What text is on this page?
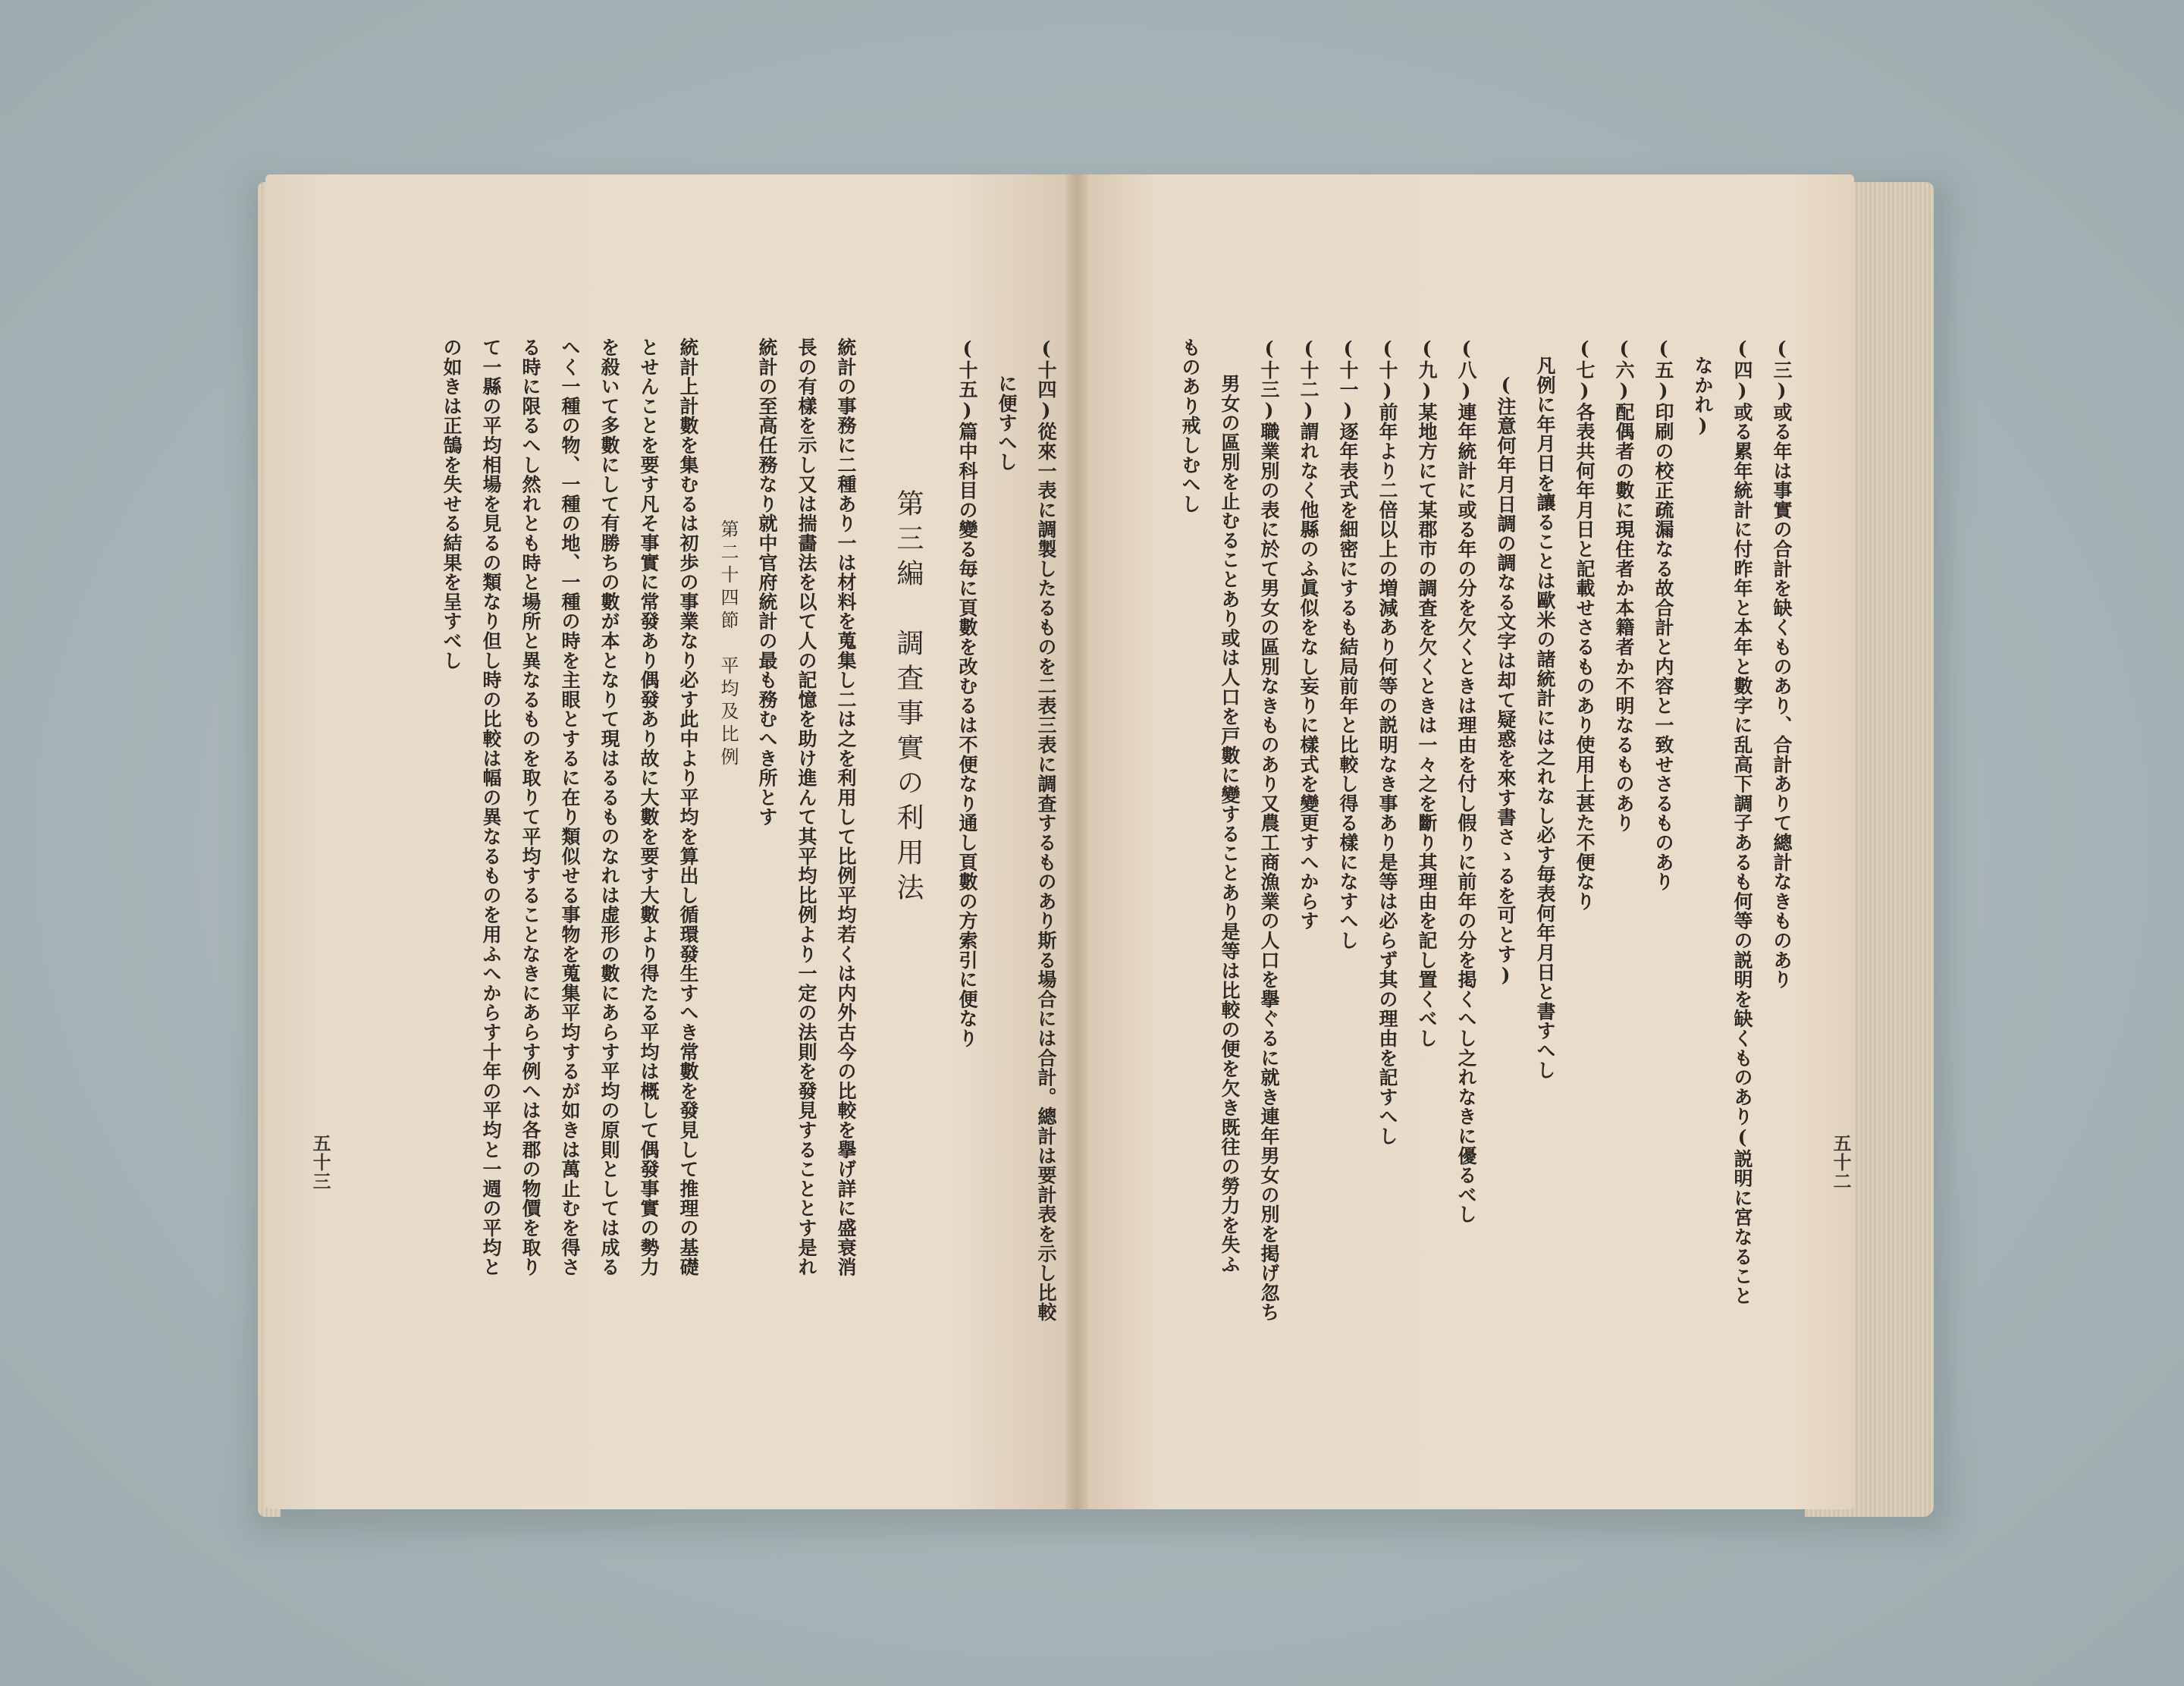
(三)或る年は事實の合計を缺くものあり、合計ありて總計なきものあり
(四)或る累年統計に付昨年と本年と數字に乱高下調子あるも何等の説明を缺くものあり(説明に宮なること
なかれ)
(五)印刷の校正疏漏なる故合計と内容と一致せさるものあり
(六)配偶者の數に現住者か本籍者か不明なるものあり
(七)各表共何年月日と記載せさるものあり使用上甚た不便なり
凡例に年月日を讓ることは歐米の諸統計には之れなし必す毎表何年月日と書すへし
(注意何年月日調の調なる文字は却て疑惑を來す書さゝるを可とす)
(八)連年統計に或る年の分を欠くときは理由を付し假りに前年の分を掲くへし之れなきに優るべし
(九)某地方にて某郡市の調査を欠くときは一々之を斷り其理由を記し置くべし
(十)前年より二倍以上の増減あり何等の説明なき事あり是等は必らず其の理由を記すへし
(十一)逐年表式を細密にするも結局前年と比較し得る樣になすへし
(十二)謂れなく他縣のふ眞似をなし妄りに樣式を變更すへからす
(十三)職業別の表に於て男女の區別なきものあり又農工商漁業の人口を擧ぐるに就き連年男女の別を掲げ忽ち
男女の區別を止むることあり或は人口を戸數に變することあり是等は比較の便を欠き既往の勞力を失ふ
ものあり戒しむへし
五十二
(十四)從來一表に調製したるものを二表三表に調査するものあり斯る場合には合計。總計は要計表を示し比較
に便すへし
(十五)篇中科目の變る毎に頁數を改むるは不便なり通し頁數の方索引に便なり
第三編　調査事實の利用法
統計の事務に二種あり一は材料を蒐集し二は之を利用して比例平均若くは内外古今の比較を擧げ詳に盛衰消
長の有樣を示し又は揣畵法を以て人の記憶を助け進んて其平均比例より一定の法則を發見することとす是れ
統計の至高任務なり就中官府統計の最も務むへき所とす
第二十四節　平均及比例
統計上計數を集むるは初歩の事業なり必す此中より平均を算出し循環發生すへき常數を發見して推理の基礎
とせんことを要す凡そ事實に常發あり偶發あり故に大數を要す大數より得たる平均は概して偶發事實の勢力
を殺いて多數にして有勝ちの數が本となりて現はるるものなれは虚形の數にあらす平均の原則としては成る
へく一種の物、一種の地、一種の時を主眼とするに在り類似せる事物を蒐集平均するが如きは萬止むを得さ
る時に限るへし然れとも時と場所と異なるものを取りて平均することなきにあらす例へは各郡の物價を取り
て一縣の平均相場を見るの類なり但し時の比較は幅の異なるものを用ふへからす十年の平均と一週の平均と
の如きは正鵠を失せる結果を呈すべし
五十三
